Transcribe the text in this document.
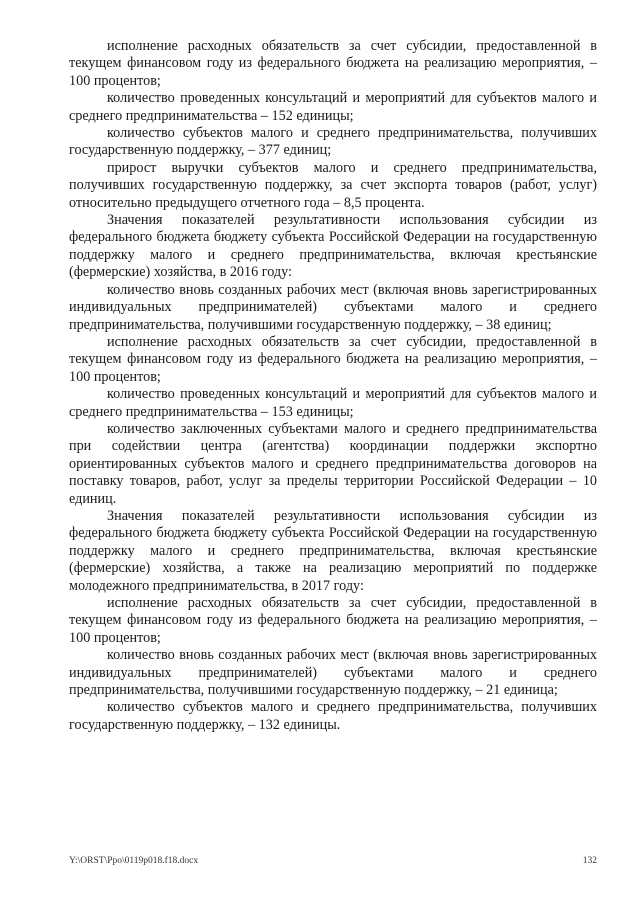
исполнение расходных обязательств за счет субсидии, предоставленной в текущем финансовом году из федерального бюджета на реализацию мероприятия, – 100 процентов;

количество проведенных консультаций и мероприятий для субъектов малого и среднего предпринимательства – 152 единицы;

количество субъектов малого и среднего предпринимательства, получивших государственную поддержку, – 377 единиц;

прирост выручки субъектов малого и среднего предпринимательства, получивших государственную поддержку, за счет экспорта товаров (работ, услуг) относительно предыдущего отчетного года – 8,5 процента.

Значения показателей результативности использования субсидии из федерального бюджета бюджету субъекта Российской Федерации на государственную поддержку малого и среднего предпринимательства, включая крестьянские (фермерские) хозяйства, в 2016 году:

количество вновь созданных рабочих мест (включая вновь зарегистрированных индивидуальных предпринимателей) субъектами малого и среднего предпринимательства, получившими государственную поддержку, – 38 единиц;

исполнение расходных обязательств за счет субсидии, предоставленной в текущем финансовом году из федерального бюджета на реализацию мероприятия, – 100 процентов;

количество проведенных консультаций и мероприятий для субъектов малого и среднего предпринимательства – 153 единицы;

количество заключенных субъектами малого и среднего предпринимательства при содействии центра (агентства) координации поддержки экспортно ориентированных субъектов малого и среднего предпринимательства договоров на поставку товаров, работ, услуг за пределы территории Российской Федерации – 10 единиц.

Значения показателей результативности использования субсидии из федерального бюджета бюджету субъекта Российской Федерации на государственную поддержку малого и среднего предпринимательства, включая крестьянские (фермерские) хозяйства, а также на реализацию мероприятий по поддержке молодежного предпринимательства, в 2017 году:

исполнение расходных обязательств за счет субсидии, предоставленной в текущем финансовом году из федерального бюджета на реализацию мероприятия, – 100 процентов;

количество вновь созданных рабочих мест (включая вновь зарегистрированных индивидуальных предпринимателей) субъектами малого и среднего предпринимательства, получившими государственную поддержку, – 21 единица;

количество субъектов малого и среднего предпринимательства, получивших государственную поддержку, – 132 единицы.

Y:\ORST\Ppo\0119p018.f18.docx	132
